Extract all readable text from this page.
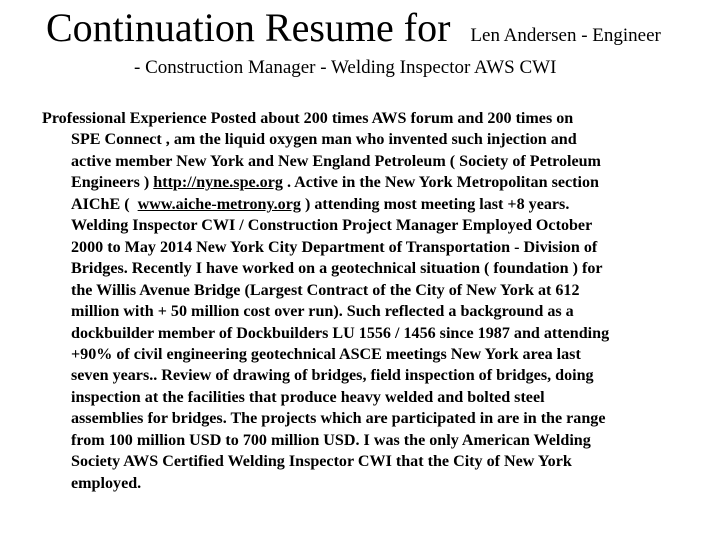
Continuation Resume for Len Andersen - Engineer
- Construction Manager - Welding Inspector AWS CWI
Professional Experience Posted about 200 times AWS forum and 200 times on
SPE Connect , am the liquid oxygen man who invented such injection and
active member New York and New England Petroleum ( Society of Petroleum
Engineers ) http://nyne.spe.org . Active in the New York Metropolitan section
AIChE (  www.aiche-metrony.org ) attending most meeting last +8 years.
Welding Inspector CWI / Construction Project Manager Employed October
2000 to May 2014 New York City Department of Transportation - Division of
Bridges. Recently I have worked on a geotechnical situation ( foundation ) for
the Willis Avenue Bridge (Largest Contract of the City of New York at 612
million with + 50 million cost over run). Such reflected a background as a
dockbuilder member of Dockbuilders LU 1556 / 1456 since 1987 and attending
+90% of civil engineering geotechnical ASCE meetings New York area last
seven years.. Review of drawing of bridges, field inspection of bridges, doing
inspection at the facilities that produce heavy welded and bolted steel
assemblies for bridges. The projects which are participated in are in the range
from 100 million USD to 700 million USD. I was the only American Welding
Society AWS Certified Welding Inspector CWI that the City of New York
employed.
